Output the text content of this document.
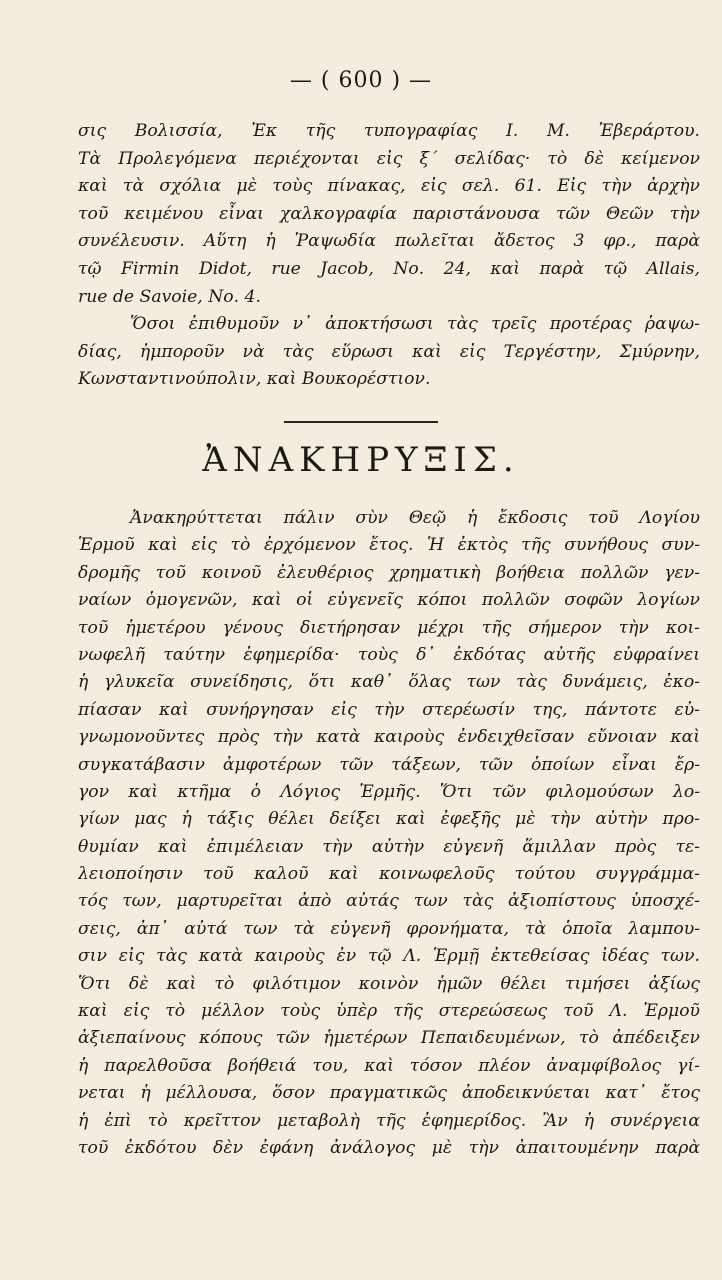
— ( 600 ) —
σις Βολισσία, Ἐκ τῆς τυπογραφίας Ι. Μ. Ἐβεράρτου.
Τὰ Προλεγόμενα περιέχονται εἰς ξ΄ σελίδας· τὸ δὲ κείμενον
καὶ τὰ σχόλια μὲ τοὺς πίνακας, εἰς σελ. 61. Εἰς τὴν ἀρχὴν
τοῦ κειμένου εἶναι χαλκογραφία παριστάνουσα τῶν Θεῶν τὴν
συνέλευσιν. Αὕτη ἡ Ῥαψωδία πωλεῖται ἄδετος 3 φρ., παρὰ
τῷ Firmin Didot, rue Jacob, Nο. 24, καὶ παρὰ τῷ Allais,
rue de Savoie, Nο. 4.
Ὅσοι ἐπιθυμοῦν ν᾽ ἀποκτήσωσι τὰς τρεῖς προτέρας ῥαψω-
δίας, ἠμποροῦν νὰ τὰς εὕρωσι καὶ εἰς Τεργέστην, Σμύρνην,
Κωνσταντινούπολιν, καὶ Βουκορέστιον.
ἈΝΑΚΗΡΥΞΙΣ.
Ἀνακηρύττεται πάλιν σὺν Θεῷ ἡ ἔκδοσις τοῦ Λογίου
Ἑρμοῦ καὶ εἰς τὸ ἐρχόμενον ἔτος. Ἡ ἐκτὸς τῆς συνήθους συν-
δρομῆς τοῦ κοινοῦ ἐλευθέριος χρηματικὴ βοήθεια πολλῶν γεν-
ναίων ὁμογενῶν, καὶ οἱ εὐγενεῖς κόποι πολλῶν σοφῶν λογίων
τοῦ ἡμετέρου γένους διετήρησαν μέχρι τῆς σήμερον τὴν κοι-
νωφελῆ ταύτην ἐφημερίδα· τοὺς δ᾽ ἐκδότας αὐτῆς εὐφραίνει
ἡ γλυκεῖα συνείδησις, ὅτι καθ᾽ ὅλας των τὰς δυνάμεις, ἐκο-
πίασαν καὶ συνήργησαν εἰς τὴν στερέωσίν της, πάντοτε εὐ-
γνωμονοῦντες πρὸς τὴν κατὰ καιροὺς ἐνδειχθεῖσαν εὔνοιαν καὶ
συγκατάβασιν ἀμφοτέρων τῶν τάξεων, τῶν ὁποίων εἶναι ἔρ-
γον καὶ κτῆμα ὁ Λόγιος Ἑρμῆς. Ὅτι τῶν φιλομούσων λο-
γίων μας ἡ τάξις θέλει δείξει καὶ ἐφεξῆς μὲ τὴν αὐτὴν προ-
θυμίαν καὶ ἐπιμέλειαν τὴν αὐτὴν εὐγενῆ ἅμιλλαν πρὸς τε-
λειοποίησιν τοῦ καλοῦ καὶ κοινωφελοῦς τούτου συγγράμμα-
τός των, μαρτυρεῖται ἀπὸ αὐτάς των τὰς ἀξιοπίστους ὑποσχέ-
σεις, ἀπ᾽ αὐτά των τὰ εὐγενῆ φρονήματα, τὰ ὁποῖα λαμπου-
σιν εἰς τὰς κατὰ καιροὺς ἐν τῷ Λ. Ἑρμῇ ἐκτεθείσας ἰδέας των.
Ὅτι δὲ καὶ τὸ φιλότιμον κοινὸν ἡμῶν θέλει τιμήσει ἀξίως
καὶ εἰς τὸ μέλλον τοὺς ὑπὲρ τῆς στερεώσεως τοῦ Λ. Ἑρμοῦ
ἀξιεπαίνους κόπους τῶν ἡμετέρων Πεπαιδευμένων, τὸ ἀπέδειξεν
ἡ παρελθοῦσα βοήθειά του, καὶ τόσον πλέον ἀναμφίβολος γί-
νεται ἡ μέλλουσα, ὅσον πραγματικῶς ἀποδεικνύεται κατ᾽ ἔτος
ἡ ἐπὶ τὸ κρεῖττον μεταβολὴ τῆς ἐφημερίδος. Ἂν ἡ συνέργεια
τοῦ ἐκδότου δὲν ἐφάνη ἀνάλογος μὲ τὴν ἀπαιτουμένην παρὰ
